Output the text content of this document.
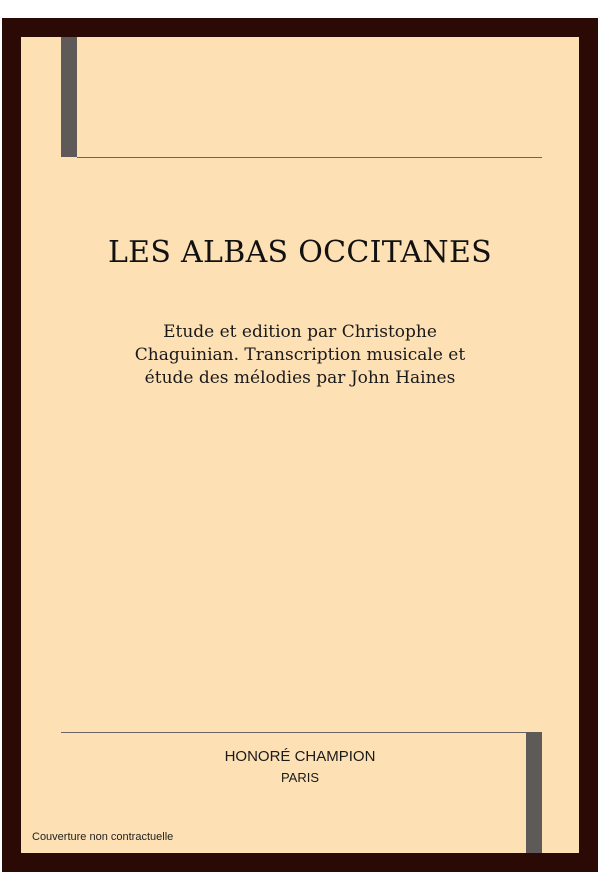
LES ALBAS OCCITANES

Etude et edition par Christophe Chaguinian. Transcription musicale et étude des mélodies par John Haines

HONORÉ CHAMPION

PARIS

Couverture non contractuelle
